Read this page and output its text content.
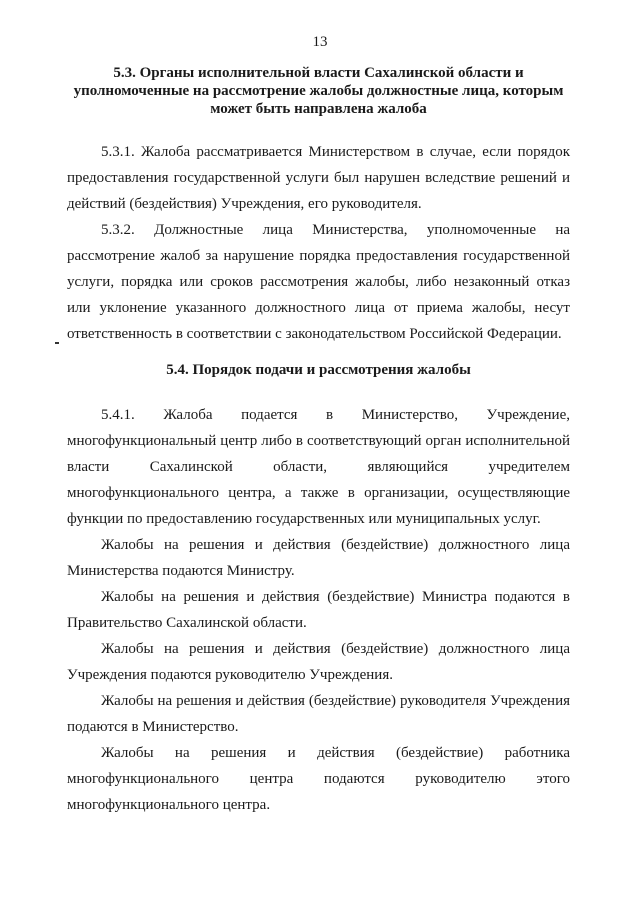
13
5.3. Органы исполнительной власти Сахалинской области и уполномоченные на рассмотрение жалобы должностные лица, которым может быть направлена жалоба

5.3.1. Жалоба рассматривается Министерством в случае, если порядок предоставления государственной услуги был нарушен вследствие решений и действий (бездействия) Учреждения, его руководителя.

5.3.2. Должностные лица Министерства, уполномоченные на рассмотрение жалоб за нарушение порядка предоставления государственной услуги, порядка или сроков рассмотрения жалобы, либо незаконный отказ или уклонение указанного должностного лица от приема жалобы, несут ответственность в соответствии с законодательством Российской Федерации.

5.4. Порядок подачи и рассмотрения жалобы

5.4.1. Жалоба подается в Министерство, Учреждение, многофункциональный центр либо в соответствующий орган исполнительной власти Сахалинской области, являющийся учредителем многофункционального центра, а также в организации, осуществляющие функции по предоставлению государственных или муниципальных услуг.

Жалобы на решения и действия (бездействие) должностного лица Министерства подаются Министру.

Жалобы на решения и действия (бездействие) Министра подаются в Правительство Сахалинской области.

Жалобы на решения и действия (бездействие) должностного лица Учреждения подаются руководителю Учреждения.

Жалобы на решения и действия (бездействие) руководителя Учреждения подаются в Министерство.

Жалобы на решения и действия (бездействие) работника многофункционального центра подаются руководителю этого многофункционального центра.
